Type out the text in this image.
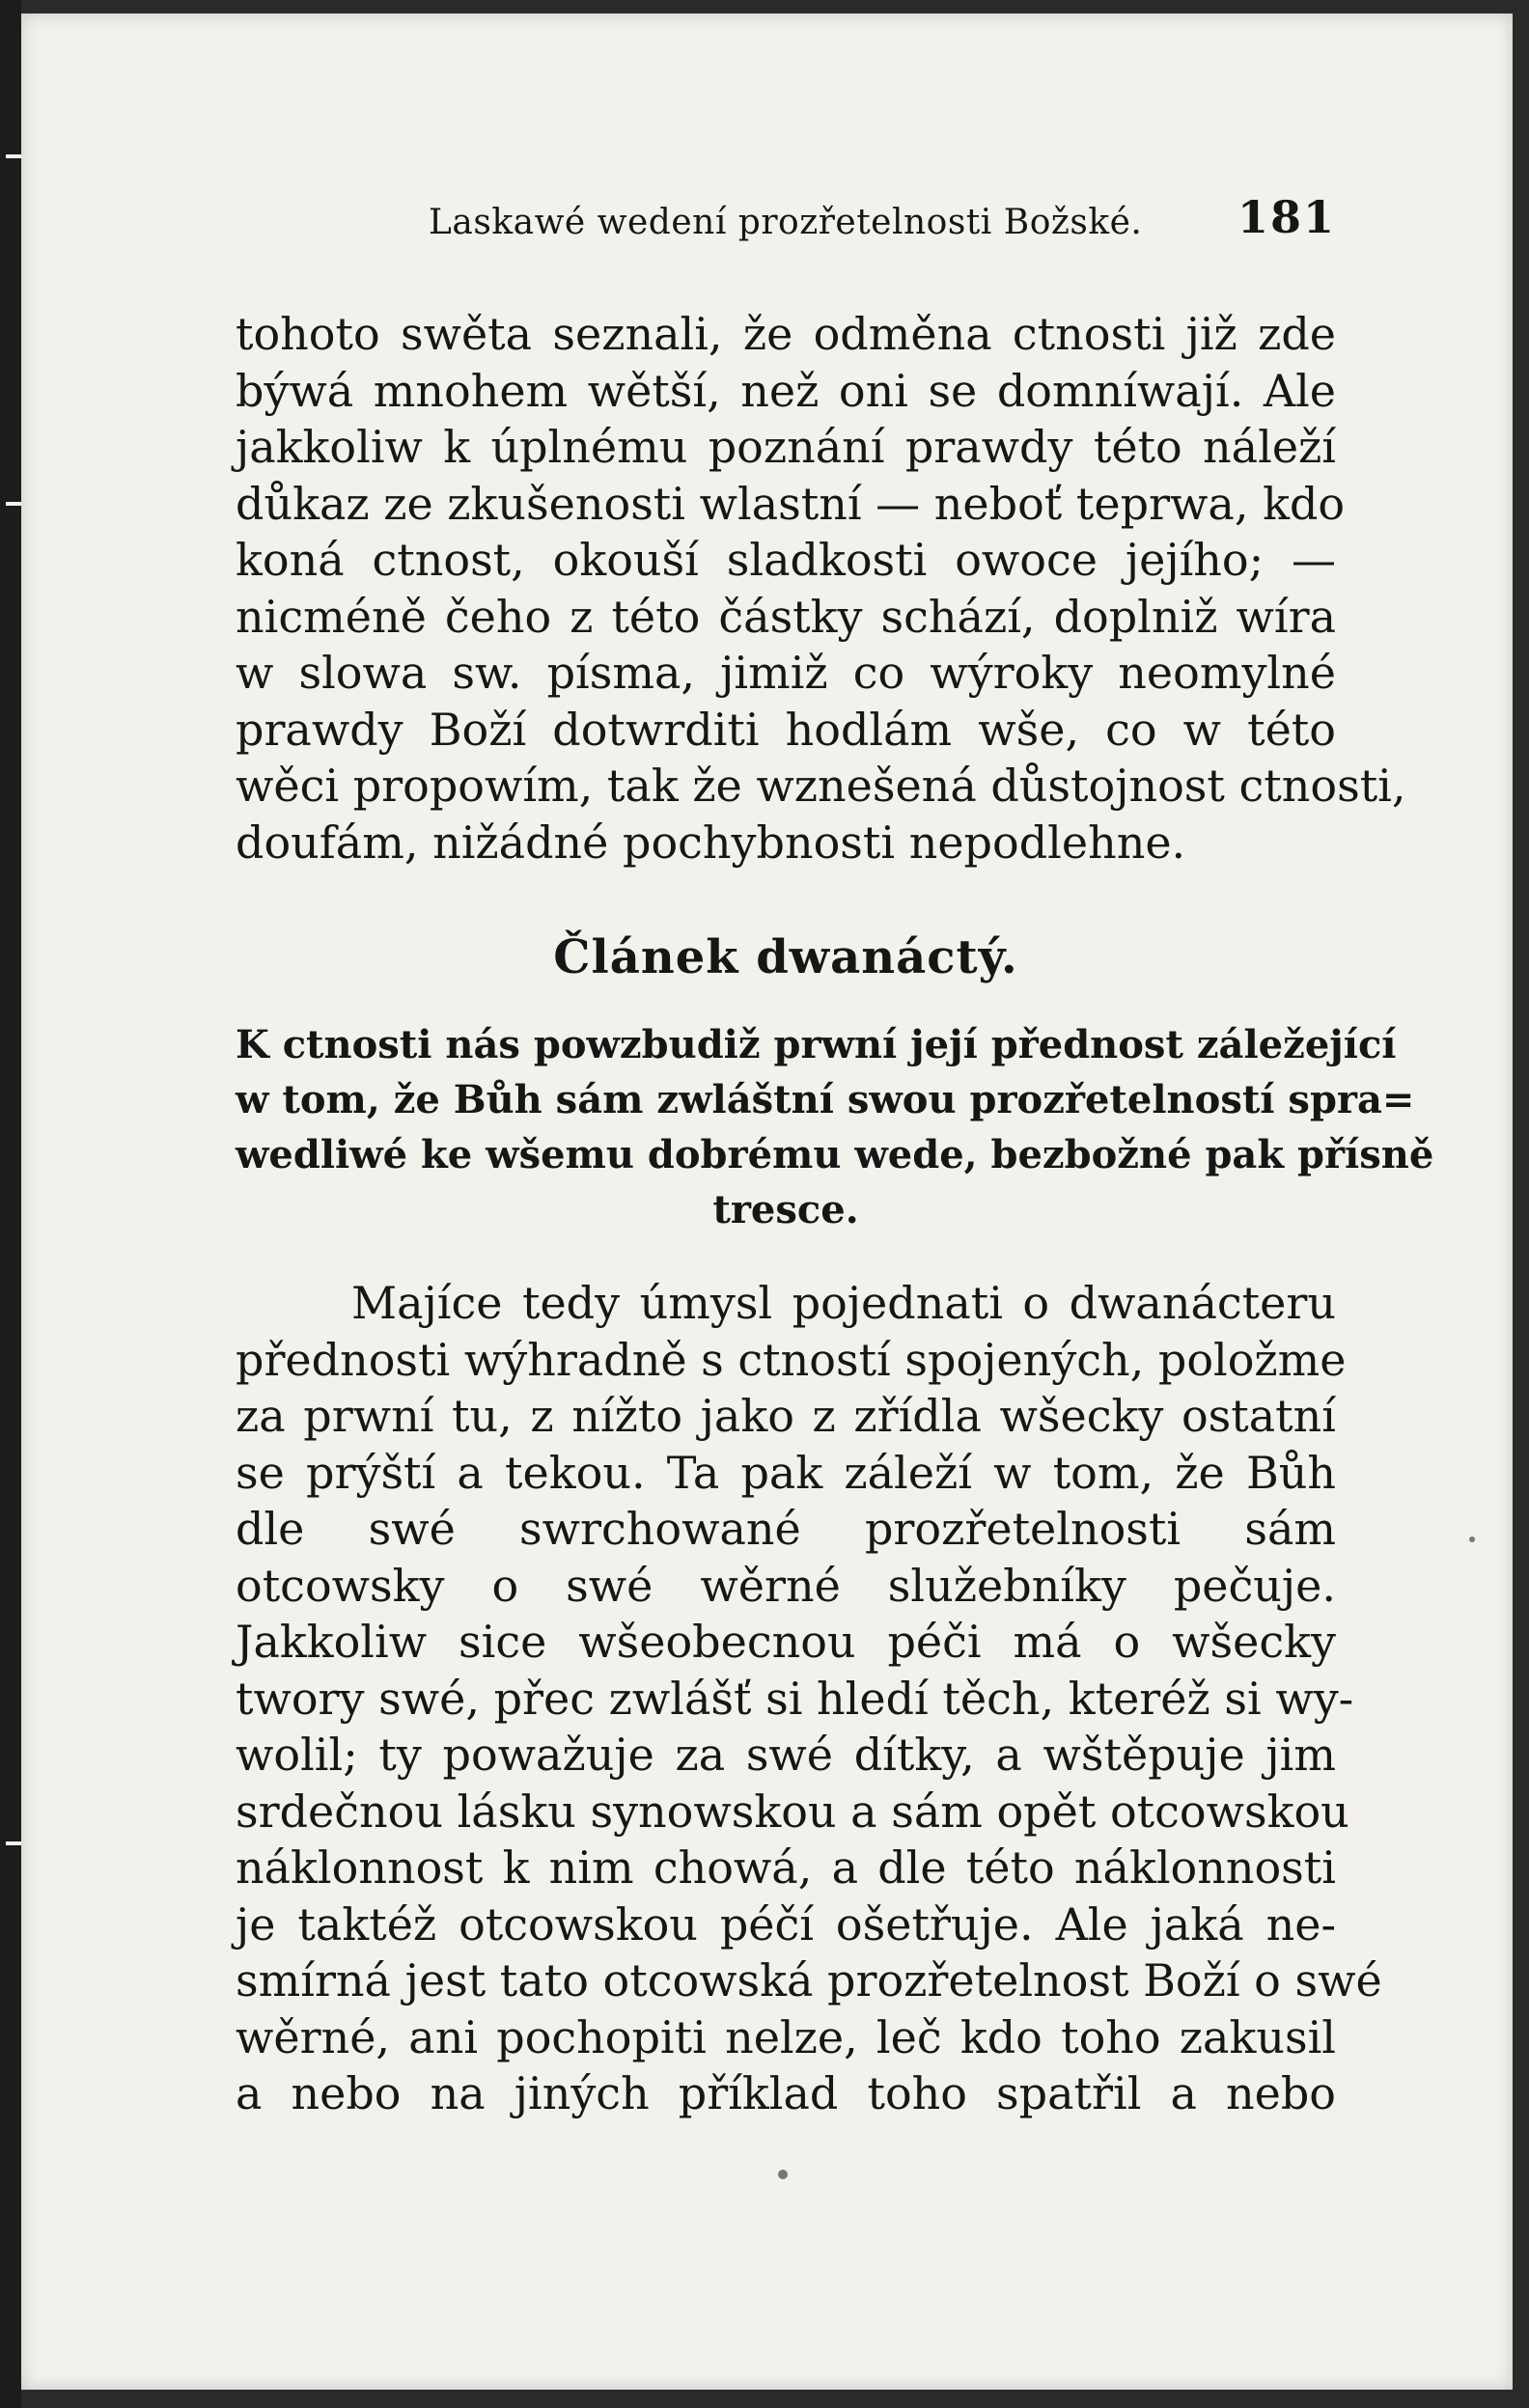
Laskawé wedení prozřetelnosti Božské. 181
tohoto swěta seznali, že odměna ctnosti již zde
býwá mnohem wětší, než oni se domníwají. Ale
jakkoliw k úplnému poznání prawdy této náleží
důkaz ze zkušenosti wlastní — neboť teprwa, kdo
koná ctnost, okouší sladkosti owoce jejího; —
nicméně čeho z této částky schází, doplniž wíra
w slowa sw. písma, jimiž co wýroky neomylné
prawdy Boží dotwrditi hodlám wše, co w této
wěci propowím, tak že wznešená důstojnost ctnosti,
doufám, nižádné pochybnosti nepodlehne.
Článek dwanáctý.
K ctnosti nás powzbudiž prwní její přednost záležející
w tom, že Bůh sám zwláštní swou prozřetelností spra=
wedliwé ke wšemu dobrému wede, bezbožné pak přísně
tresce.
Majíce tedy úmysl pojednati o dwanácteru
přednosti wýhradně s ctností spojených, položme
za prwní tu, z nížto jako z zřídla wšecky ostatní
se prýští a tekou. Ta pak záleží w tom, že Bůh
dle swé swrchowané prozřetelnosti sám
otcowsky o swé wěrné služebníky pečuje.
Jakkoliw sice wšeobecnou péči má o wšecky
twory swé, přec zwlášť si hledí těch, kteréž si wy-
wolil; ty powažuje za swé dítky, a wštěpuje jim
srdečnou lásku synowskou a sám opět otcowskou
náklonnost k nim chowá, a dle této náklonnosti
je taktéž otcowskou péčí ošetřuje. Ale jaká ne-
smírná jest tato otcowská prozřetelnost Boží o swé
wěrné, ani pochopiti nelze, leč kdo toho zakusil
a nebo na jiných příklad toho spatřil a nebo
